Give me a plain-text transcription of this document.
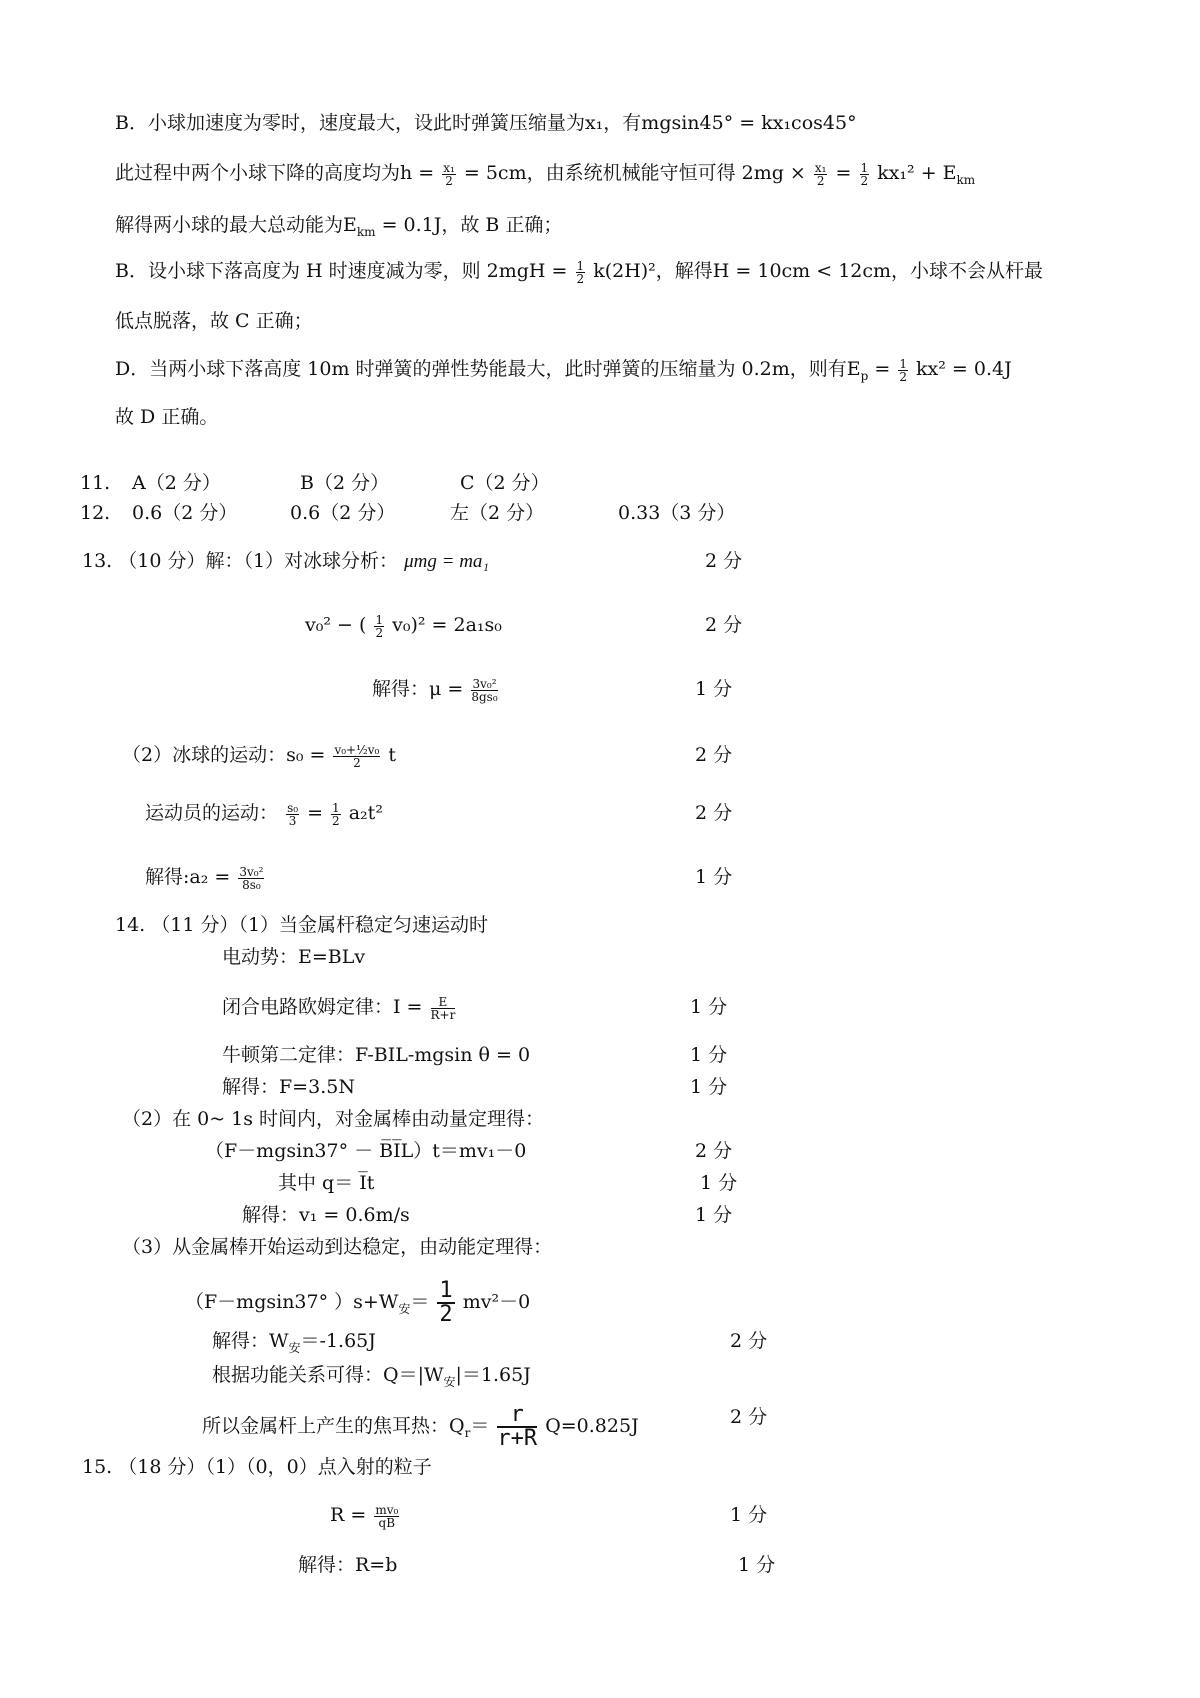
B．小球加速度为零时，速度最大，设此时弹簧压缩量为x₁，有mgsin45° = kx₁cos45°
此过程中两个小球下降的高度均为$h = \frac{\text{x₁}}{2} = 5cm$，由系统机械能守恒可得 $2mg \times \frac{\text{x₁}}{2} = \frac{1}{2} kx_1^2 + E_{km}$
解得两小球的最大总动能为$E_{km} = 0.1J$，故 B 正确；
B．设小球下落高度为 H 时速度减为零，则 $2mgH = \frac{1}{2} k(2H)^2$，解得H = 10cm < 12cm，小球不会从杆最
低点脱落，故 C 正确；
D．当两小球下落高度 10m 时弹簧的弹性势能最大，此时弹簧的压缩量为 0.2m，则有$E_p = \frac{1}{2} kx^2 = 0.4J$
故 D 正确。
11. A（2 分）	B（2 分）	C（2 分）
12. 0.6（2 分）	0.6（2 分）	左（2 分）	0.33（3 分）
13. （10 分）解：（1）对冰球分析： μmg = ma₁	2 分
v₀² − ( $\frac{1}{2} v_0)^2 = 2a_1s_0$	2 分
解得：$\mu = \frac{\text{3v₀²}}{\text{8gs₀}}$	1 分
（2）冰球的运动：$s_0 = \frac{\text{v₀+½v₀}}{2}$ t	2 分
运动员的运动： $\frac{\text{s₀}}{3} = \frac{1}{2} a_2t^2$	2 分
解得:a₂ = $\frac{\text{3v₀²}}{\text{8s₀}}$	1 分
14. （11 分）（1）当金属杆稳定匀速运动时
电动势：E=BLv
闭合电路欧姆定律：$I = \frac{E}{R+r}$	1 分
牛顿第二定律：F-BIL-mgsin θ = 0	1 分
解得：F=3.5N	1 分
（2）在 0~ 1s 时间内，对金属棒由动量定理得：
（F－mgsin37° － B̅I̅L）t＝mv₁－0	2 分
其中 q＝ I̅t	1 分
解得：v₁ = 0.6m/s	1 分
（3）从金属棒开始运动到达稳定，由动能定理得：
（F－mgsin37° ）$s+W_安= \frac{1}{2} mv^2-0$
解得：$W_安=-1.65J$	2 分
根据功能关系可得：$Q=|W_安|=1.65J$
所以金属杆上产生的焦耳热：$Q_r= \frac{r}{r+R} Q=0.825J$	2 分
15. （18 分）（1）（0，0）点入射的粒子
$R = \frac{\text{mv₀}}{qB}$	1 分
解得：R=b	1 分
